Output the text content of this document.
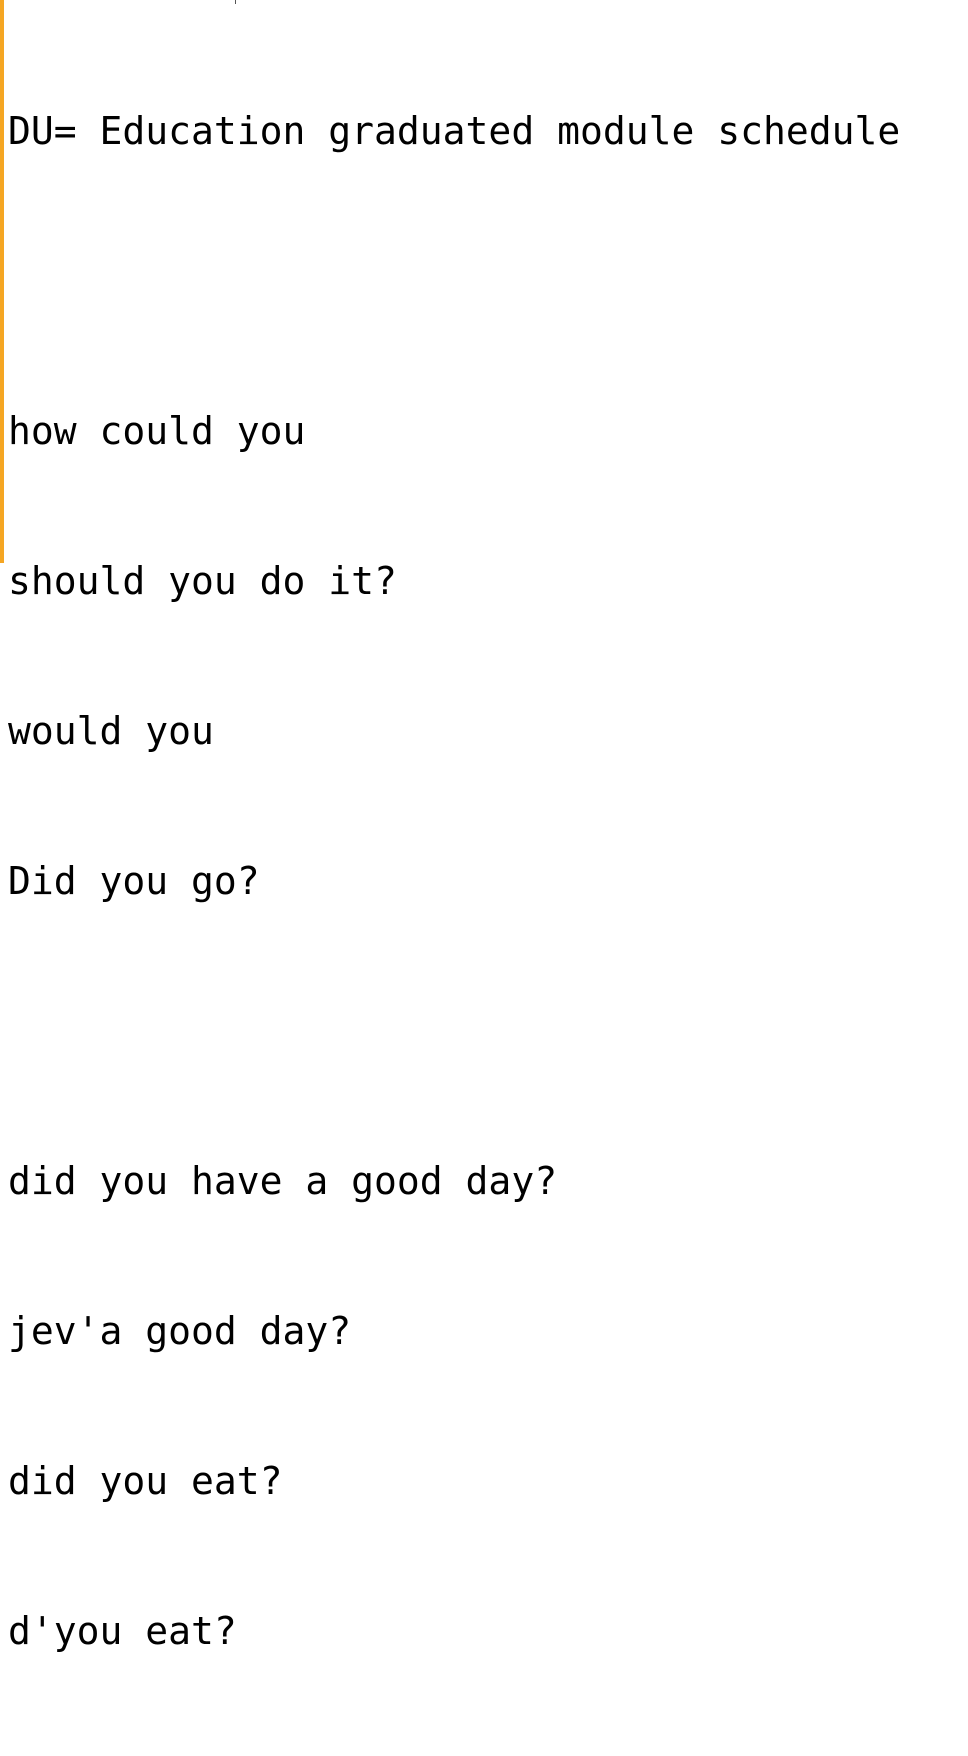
DU= Education graduated module schedule

how could you

should you do it?

would you

Did you go?

did you have a good day?

jev'a good day?

did you eat?

d'you eat?
